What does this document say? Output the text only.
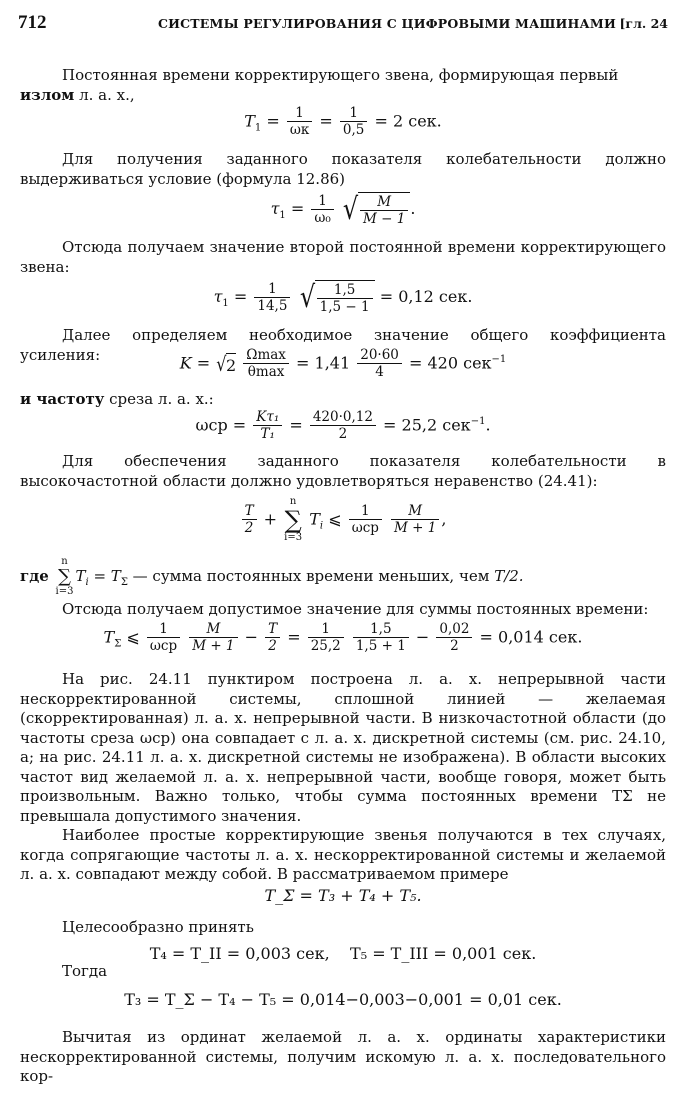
712	СИСТЕМЫ РЕГУЛИРОВАНИЯ С ЦИФРОВЫМИ МАШИНАМИ [гл. 24
Постоянная времени корректирующего звена, формирующая первый
излом л. а. х.,
$T_1 = \frac{1}{\omega к} = \frac{1}{0,5} = 2$ сек.
Для получения заданного показателя колебательности должно выдерживаться условие (формула 12.86)
$\tau_1 = \frac{1}{\text{ω₀}}$ √ $\frac{M}{M - 1}$ .
Отсюда получаем значение второй постоянной времени корректирующего звена:
$\tau_1 = \frac{1}{14,5}$ √ $\frac{1,5}{1,5 - 1} = 0,12$ сек.
Далее определяем необходимое значение общего коэффициента усиления:	$K = √2 \frac{\Omega\max}{\theta\max} = 1,41 \frac{20\cdot 60}{4} = 420$ сек$^{-1}$
и частоту среза л. а. х.:
$\omega ср = \frac{\text{Kτ₁}}{\text{T₁}} = \frac{420\cdot 0,12}{2} = 25,2$ сек$^{-1}$.
Для обеспечения заданного показателя колебательности в высокочастотной области должно удовлетворяться неравенство (24.41):
$\frac{T}{2}$ +
n
∑
i=3
$T_i$ ⩽ $\frac{1}{\text{ωср}}$
$\frac{M}{M + 1}$ ,
где
n
∑
i=3
$T_i = T_\Sigma$ — сумма постоянных времени меньших, чем T/2.
Отсюда получаем допустимое значение для суммы постоянных времени:
$T_\Sigma$ ⩽ $\frac{1}{\text{ωср}}$
$\frac{M}{M + 1} - \frac{T}{2} = \frac{1}{25,2}$
$\frac{1,5}{1,5 + 1} - \frac{0,02}{2} = 0,014$ сек.
На рис. 24.11 пунктиром построена л. а. х. непрерывной части нескорректированной системы, сплошной линией — желаемая (скорректированная) л. а. х. непрерывной части. В низкочастотной области (до частоты среза ωср) она совпадает с л. а. х. дискретной системы (см. рис. 24.10, а; на рис. 24.11 л. а. х. дискретной системы не изображена). В области высоких частот вид желаемой л. а. х. непрерывной части, вообще говоря, может быть произвольным. Важно только, чтобы сумма постоянных времени TΣ не превышала допустимого значения.
Наиболее простые корректирующие звенья получаются в тех случаях, когда сопрягающие частоты л. а. х. нескорректированной системы и желаемой л. а. х. совпадают между собой. В рассматриваемом примере
T_Σ = T₃ + T₄ + T₅.
Целесообразно принять
T₄ = T_II = 0,003 сек, T₅ = T_III = 0,001 сек.
Тогда
T₃ = T_Σ − T₄ − T₅ = 0,014−0,003−0,001 = 0,01 сек.
Вычитая из ординат желаемой л. а. х. ординаты характеристики нескорректированной системы, получим искомую л. а. х. последовательного кор-
